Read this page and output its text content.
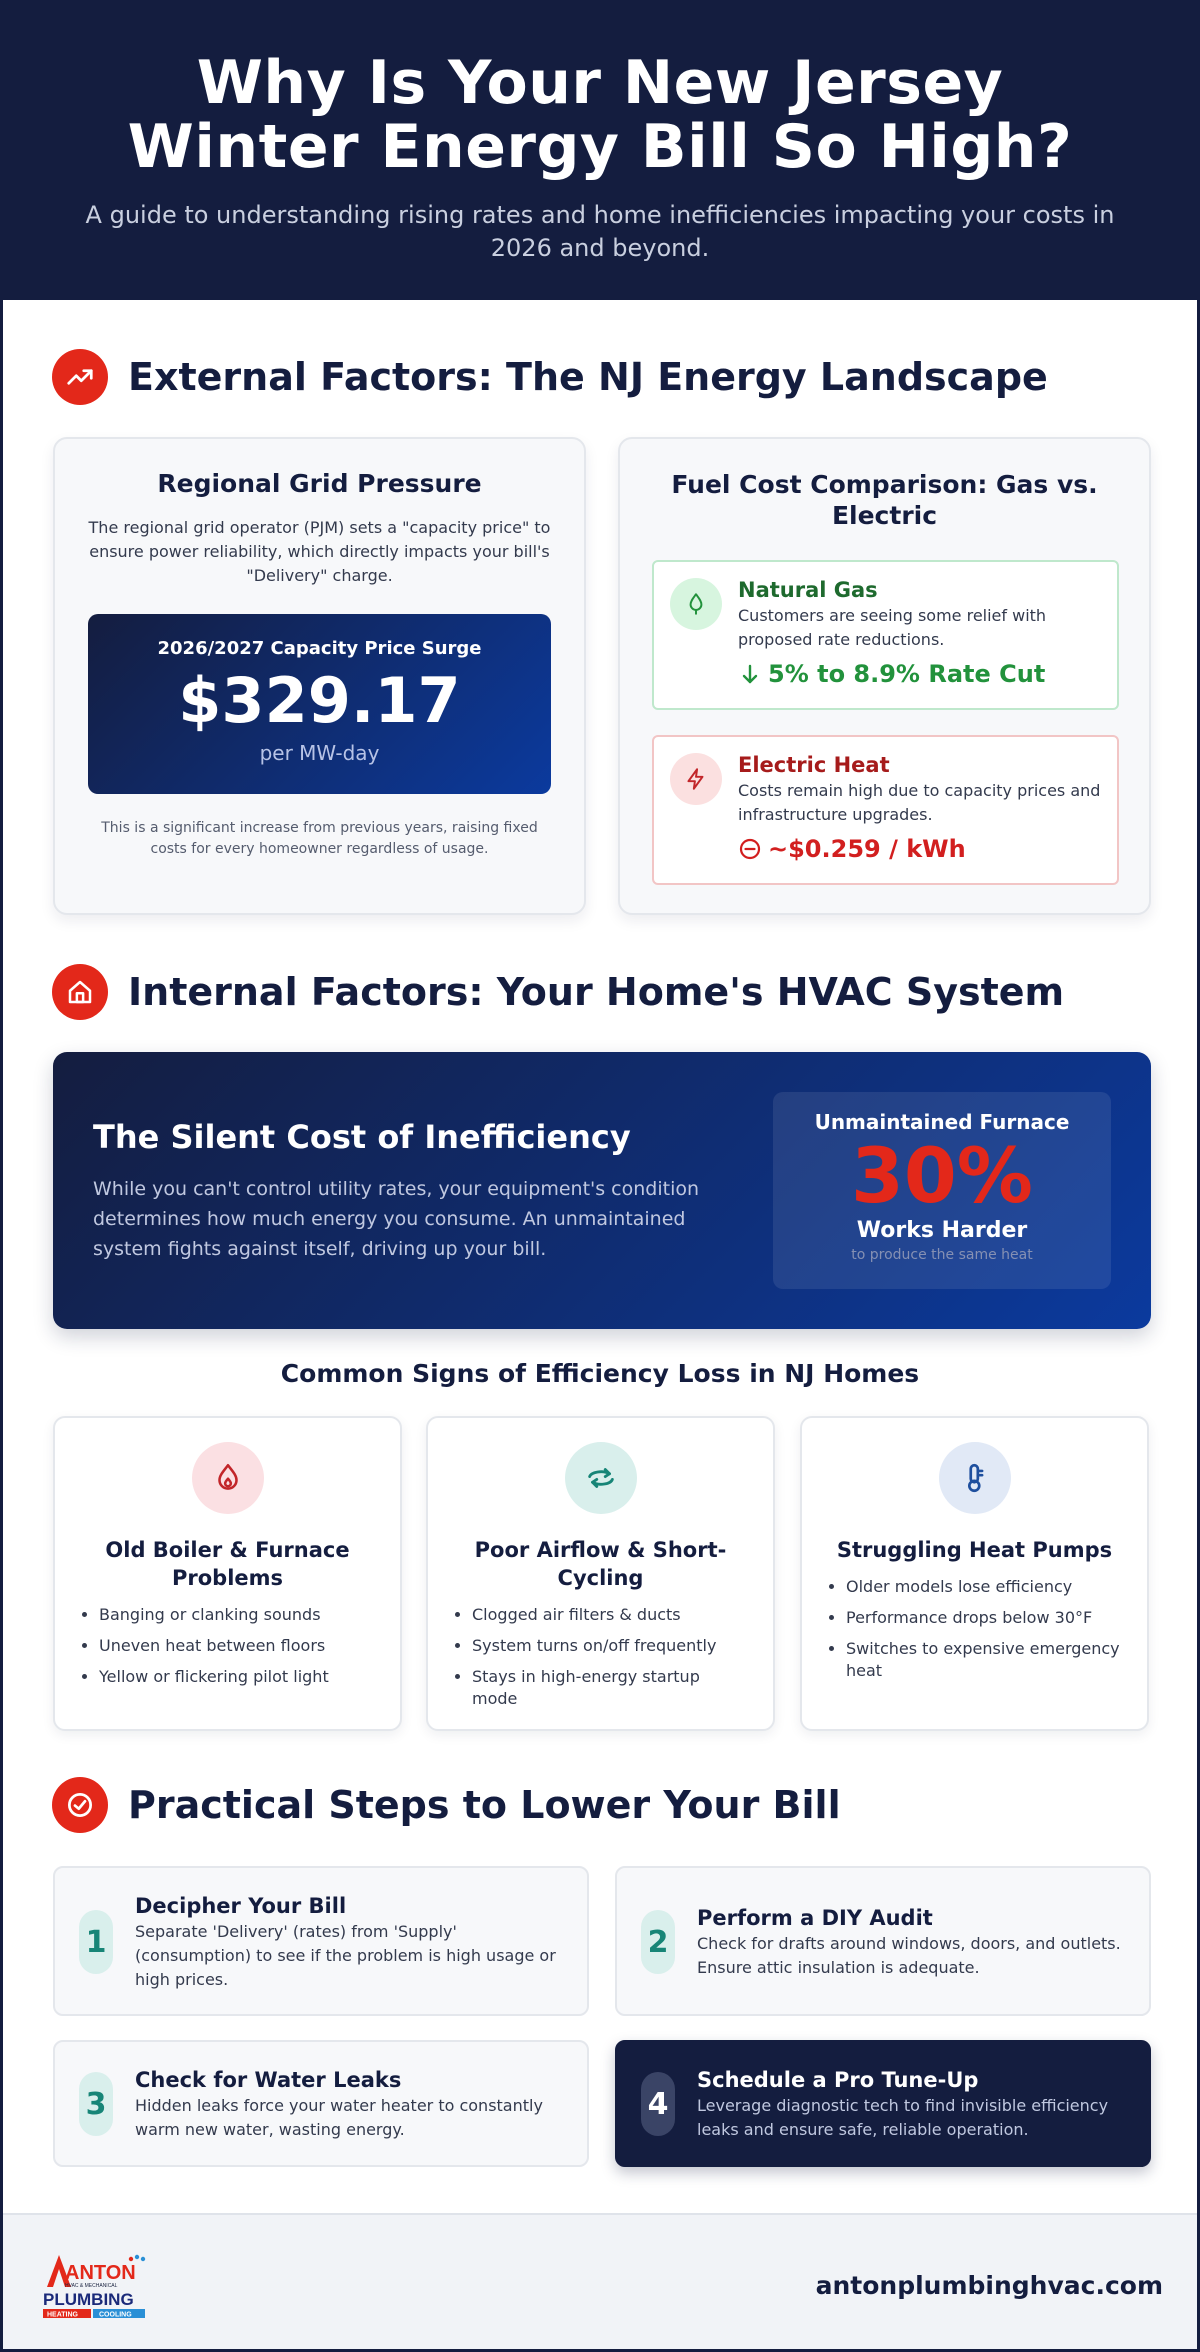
Why Is Your New Jersey Winter Energy Bill So High?

A guide to understanding rising rates and home inefficiencies impacting your costs in 2026 and beyond.

External Factors: The NJ Energy Landscape
Regional Grid Pressure

The regional grid operator (PJM) sets a "capacity price" to ensure power reliability, which directly impacts your bill's "Delivery" charge.

2026/2027 Capacity Price Surge
$329.17
per MW-day

This is a significant increase from previous years, raising fixed costs for every homeowner regardless of usage.

Fuel Cost Comparison: Gas vs. Electric
Natural Gas
Customers are seeing some relief with proposed rate reductions.
5% to 8.9% Rate Cut
Electric Heat
Costs remain high due to capacity prices and infrastructure upgrades.
~$0.259 / kWh
Internal Factors: Your Home's HVAC System
The Silent Cost of Inefficiency

While you can't control utility rates, your equipment's condition determines how much energy you consume. An unmaintained system fights against itself, driving up your bill.

Unmaintained Furnace
30%
Works Harder
to produce the same heat
Common Signs of Efficiency Loss in NJ Homes
Old Boiler & Furnace Problems
• Banging or clanking sounds
• Uneven heat between floors
• Yellow or flickering pilot light
Poor Airflow & Short-Cycling
• Clogged air filters & ducts
• System turns on/off frequently
• Stays in high-energy startup mode
Struggling Heat Pumps
• Older models lose efficiency
• Performance drops below 30°F
• Switches to expensive emergency heat
Practical Steps to Lower Your Bill
1
Decipher Your Bill
Separate 'Delivery' (rates) from 'Supply' (consumption) to see if the problem is high usage or high prices.
2
Perform a DIY Audit
Check for drafts around windows, doors, and outlets. Ensure attic insulation is adequate.
3
Check for Water Leaks
Hidden leaks force your water heater to constantly warm new water, wasting energy.
4
Schedule a Pro Tune-Up
Leverage diagnostic tech to find invisible efficiency leaks and ensure safe, reliable operation.
ANTON
HVAC & MECHANICAL
PLUMBING
HEATING	COOLING
antonplumbinghvac.com
